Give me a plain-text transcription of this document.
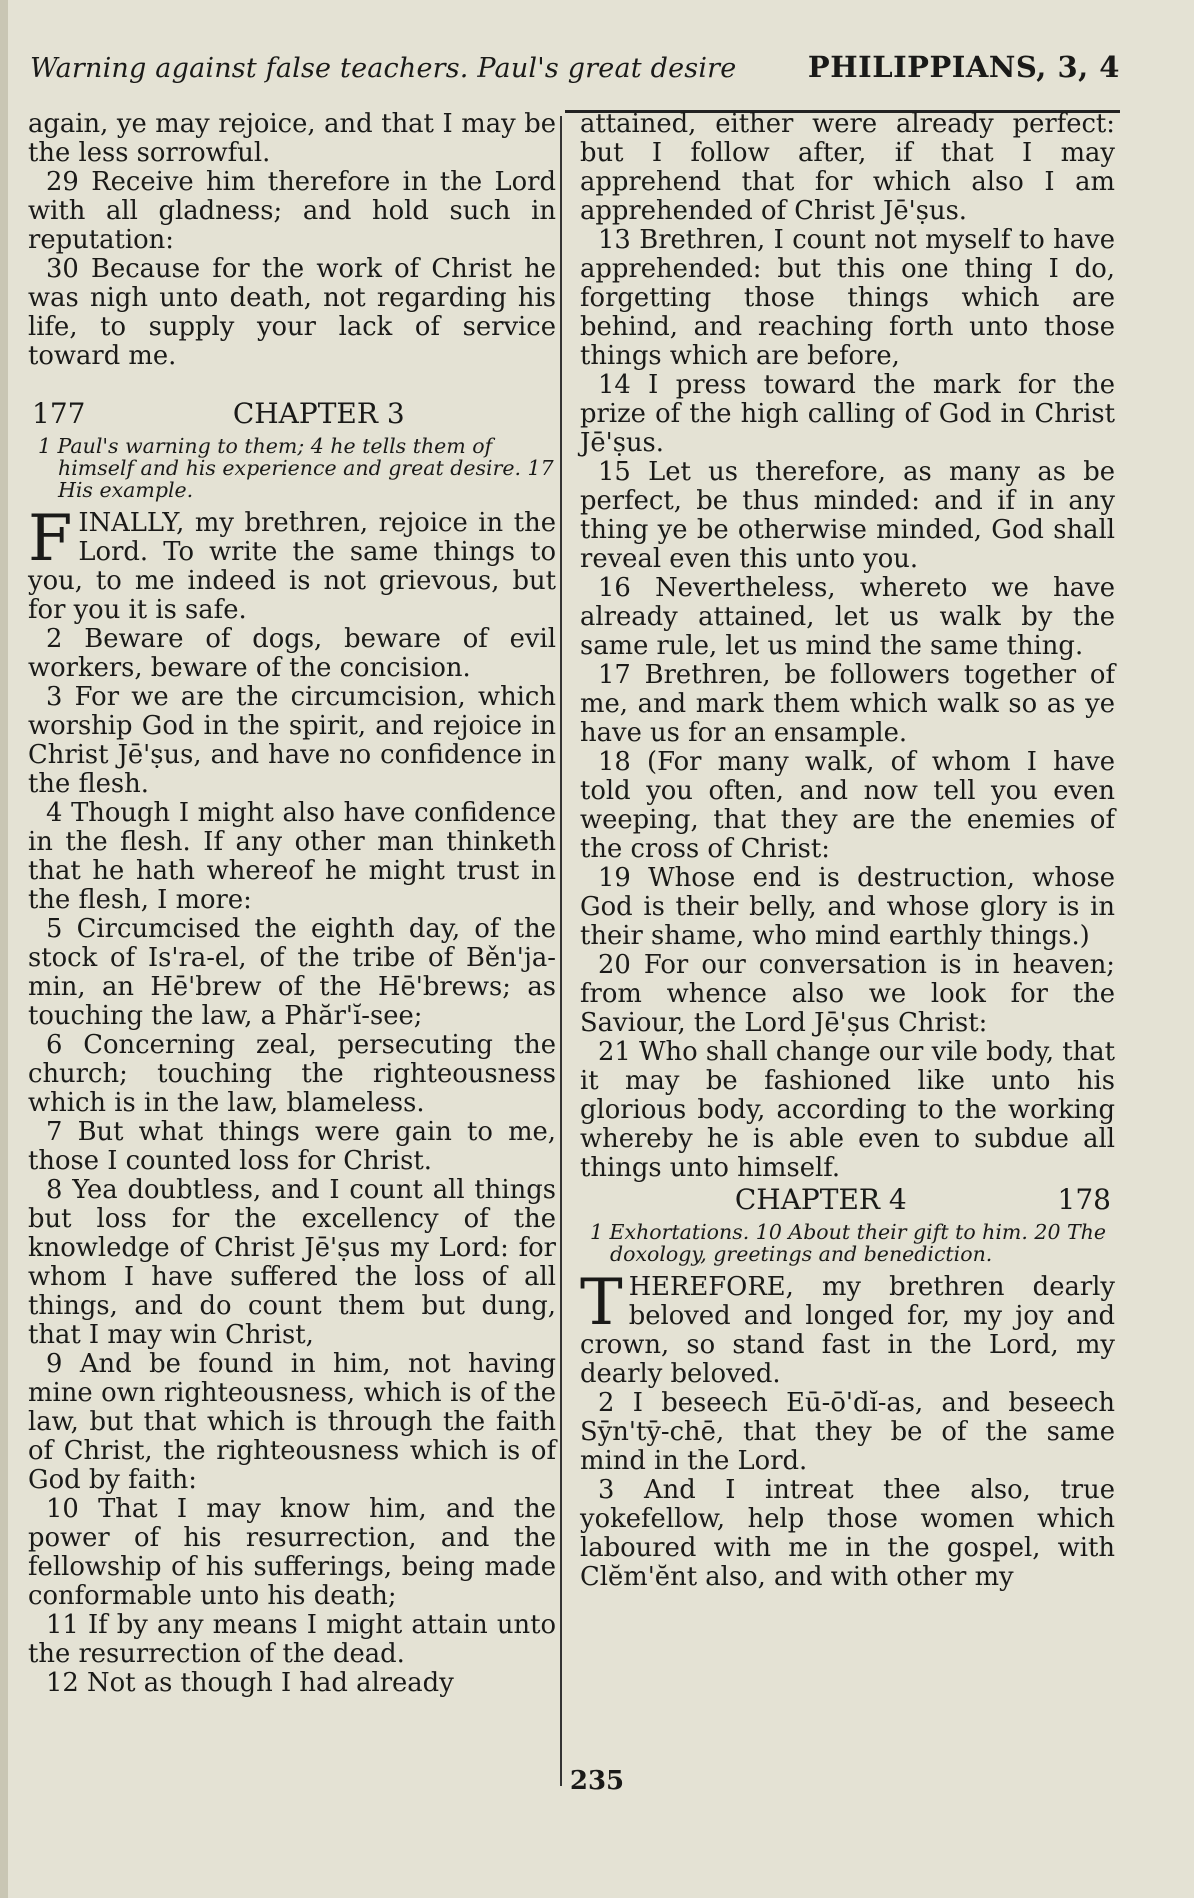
Warning against false teachers. Paul's great desire PHILIPPIANS, 3, 4

again, ye may rejoice, and that I may be the less sorrowful.

29 Receive him therefore in the Lord with all gladness; and hold such in reputation:

30 Because for the work of Christ he was nigh unto death, not regarding his life, to supply your lack of service toward me.

177	CHAPTER 3
1 Paul's warning to them; 4 he tells them of himself and his experience and great desire. 17 His example.

FINALLY, my brethren, rejoice in the Lord. To write the same things to you, to me indeed is not grievous, but for you it is safe.

2 Beware of dogs, beware of evil workers, beware of the concision.

3 For we are the circumcision, which worship God in the spirit, and rejoice in Christ Jē'ṣus, and have no confidence in the flesh.

4 Though I might also have confidence in the flesh. If any other man thinketh that he hath whereof he might trust in the flesh, I more:

5 Circumcised the eighth day, of the stock of Is'ra-el, of the tribe of Běn'ja-min, an Hē'brew of the Hē'brews; as touching the law, a Phăr'ĭ-see;

6 Concerning zeal, persecuting the church; touching the righteousness which is in the law, blameless.

7 But what things were gain to me, those I counted loss for Christ.

8 Yea doubtless, and I count all things but loss for the excellency of the knowledge of Christ Jē'ṣus my Lord: for whom I have suffered the loss of all things, and do count them but dung, that I may win Christ,

9 And be found in him, not having mine own righteousness, which is of the law, but that which is through the faith of Christ, the righteousness which is of God by faith:

10 That I may know him, and the power of his resurrection, and the fellowship of his sufferings, being made conformable unto his death;

11 If by any means I might attain unto the resurrection of the dead.

12 Not as though I had already

attained, either were already perfect: but I follow after, if that I may apprehend that for which also I am apprehended of Christ Jē'ṣus.

13 Brethren, I count not myself to have apprehended: but this one thing I do, forgetting those things which are behind, and reaching forth unto those things which are before,

14 I press toward the mark for the prize of the high calling of God in Christ Jē'ṣus.

15 Let us therefore, as many as be perfect, be thus minded: and if in any thing ye be otherwise minded, God shall reveal even this unto you.

16 Nevertheless, whereto we have already attained, let us walk by the same rule, let us mind the same thing.

17 Brethren, be followers together of me, and mark them which walk so as ye have us for an ensample.

18 (For many walk, of whom I have told you often, and now tell you even weeping, that they are the enemies of the cross of Christ:

19 Whose end is destruction, whose God is their belly, and whose glory is in their shame, who mind earthly things.)

20 For our conversation is in heaven; from whence also we look for the Saviour, the Lord Jē'ṣus Christ:

21 Who shall change our vile body, that it may be fashioned like unto his glorious body, according to the working whereby he is able even to subdue all things unto himself.

CHAPTER 4	178
1 Exhortations. 10 About their gift to him. 20 The doxology, greetings and benediction.

THEREFORE, my brethren dearly beloved and longed for, my joy and crown, so stand fast in the Lord, my dearly beloved.

2 I beseech Eū-ō'dĭ-as, and beseech Sȳn'tȳ-chē, that they be of the same mind in the Lord.

3 And I intreat thee also, true yokefellow, help those women which laboured with me in the gospel, with Clĕm'ĕnt also, and with other my

235
